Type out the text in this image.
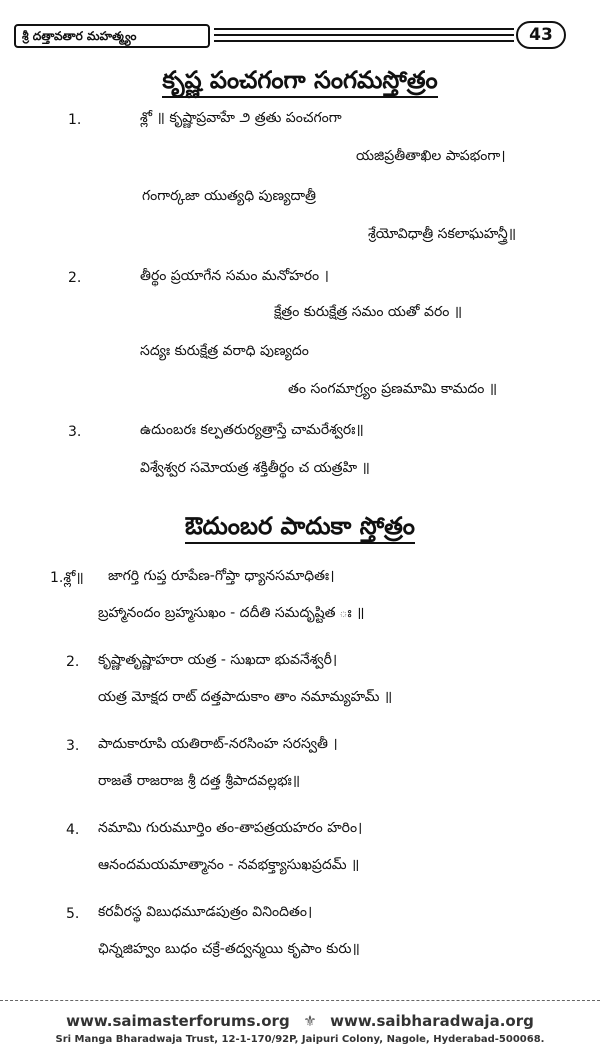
శ్రీ దత్తావతార మహత్మ్యం	43
కృష్ణ పంచగంగా సంగమస్తోత్రం
1.	శ్లో ॥ కృష్ణాప్రవాహే ౨ త్రతు పంచగంగా
యజిప్రతీతాఖిల పాపభంగా।
గంగార్కజా యుత్యధి పుణ్యదాత్రీ
శ్రేయోవిధాత్రీ సకలాఘహన్త్రీ॥
2.	తీర్థం ప్రయాగేన సమం మనోహరం ।
క్షేత్రం కురుక్షేత్ర సమం యతో వరం ॥
సద్యః కురుక్షేత్ర వరాధి పుణ్యదం
తం సంగమాగ్ర్యం ప్రణమామి కామదం ॥
3.	ఉదుంబరః కల్పతరుర్యత్రాస్తే చామరేశ్వరః॥
విశ్వేశ్వర సమోయత్ర శక్తితీర్థం చ యత్రహి ॥
ఔదుంబర పాదుకా స్తోత్రం
1.శ్లో॥ జాగర్తి గుప్త రూపేణ-గోప్తా ధ్యానసమాధితః।
బ్రహ్మానందం బ్రహ్మసుఖం - దదీతి సమదృష్టిత ః ॥
2. కృష్ణాతృష్ణాహరా యత్ర - సుఖదా భువనేశ్వరీ।
యత్ర మోక్షద రాట్ దత్తపాదుకాం తాం నమామ్యహమ్ ॥
3. పాదుకారూపి యతిరాట్-నరసింహ సరస్వతీ ।
రాజతే రాజరాజ శ్రీ దత్త శ్రీపాదవల్లభః॥
4. నమామి గురుమూర్తిం తం-తాపత్రయహరం హరిం।
ఆనందమయమాత్మానం - నవభక్త్యాసుఖప్రదమ్ ॥
5. కరవీరస్థ విబుధమూడపుత్రం వినిందితం।
ఛిన్నజిహ్వం బుధం చక్రే-తద్వన్మయి కృపాం కురు॥
www.saimasterforums.org ⚜ www.saibharadwaja.org
Sri Manga Bharadwaja Trust, 12-1-170/92P, Jaipuri Colony, Nagole, Hyderabad-500068.
